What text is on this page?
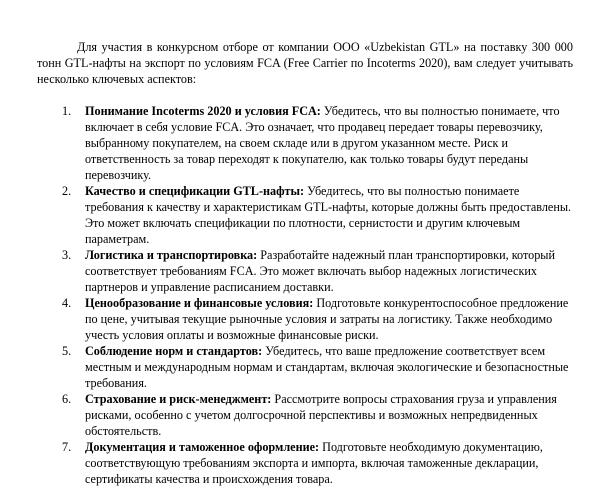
Для участия в конкурсном отборе от компании ООО «Uzbekistan GTL» на поставку 300 000 тонн GTL-нафты на экспорт по условиям FCA (Free Carrier по Incoterms 2020), вам следует учитывать несколько ключевых аспектов:

1.	Понимание Incoterms 2020 и условия FCA: Убедитесь, что вы полностью понимаете, что включает в себя условие FCA. Это означает, что продавец передает товары перевозчику, выбранному покупателем, на своем складе или в другом указанном месте. Риск и ответственность за товар переходят к покупателю, как только товары будут переданы перевозчику.
2.	Качество и спецификации GTL-нафты: Убедитесь, что вы полностью понимаете требования к качеству и характеристикам GTL-нафты, которые должны быть предоставлены. Это может включать спецификации по плотности, сернистости и другим ключевым параметрам.
3.	Логистика и транспортировка: Разработайте надежный план транспортировки, который соответствует требованиям FCA. Это может включать выбор надежных логистических партнеров и управление расписанием доставки.
4.	Ценообразование и финансовые условия: Подготовьте конкурентоспособное предложение по цене, учитывая текущие рыночные условия и затраты на логистику. Также необходимо учесть условия оплаты и возможные финансовые риски.
5.	Соблюдение норм и стандартов: Убедитесь, что ваше предложение соответствует всем местным и международным нормам и стандартам, включая экологические и безопасностные требования.
6.	Страхование и риск-менеджмент: Рассмотрите вопросы страхования груза и управления рисками, особенно с учетом долгосрочной перспективы и возможных непредвиденных обстоятельств.
7.	Документация и таможенное оформление: Подготовьте необходимую документацию, соответствующую требованиям экспорта и импорта, включая таможенные декларации, сертификаты качества и происхождения товара.
